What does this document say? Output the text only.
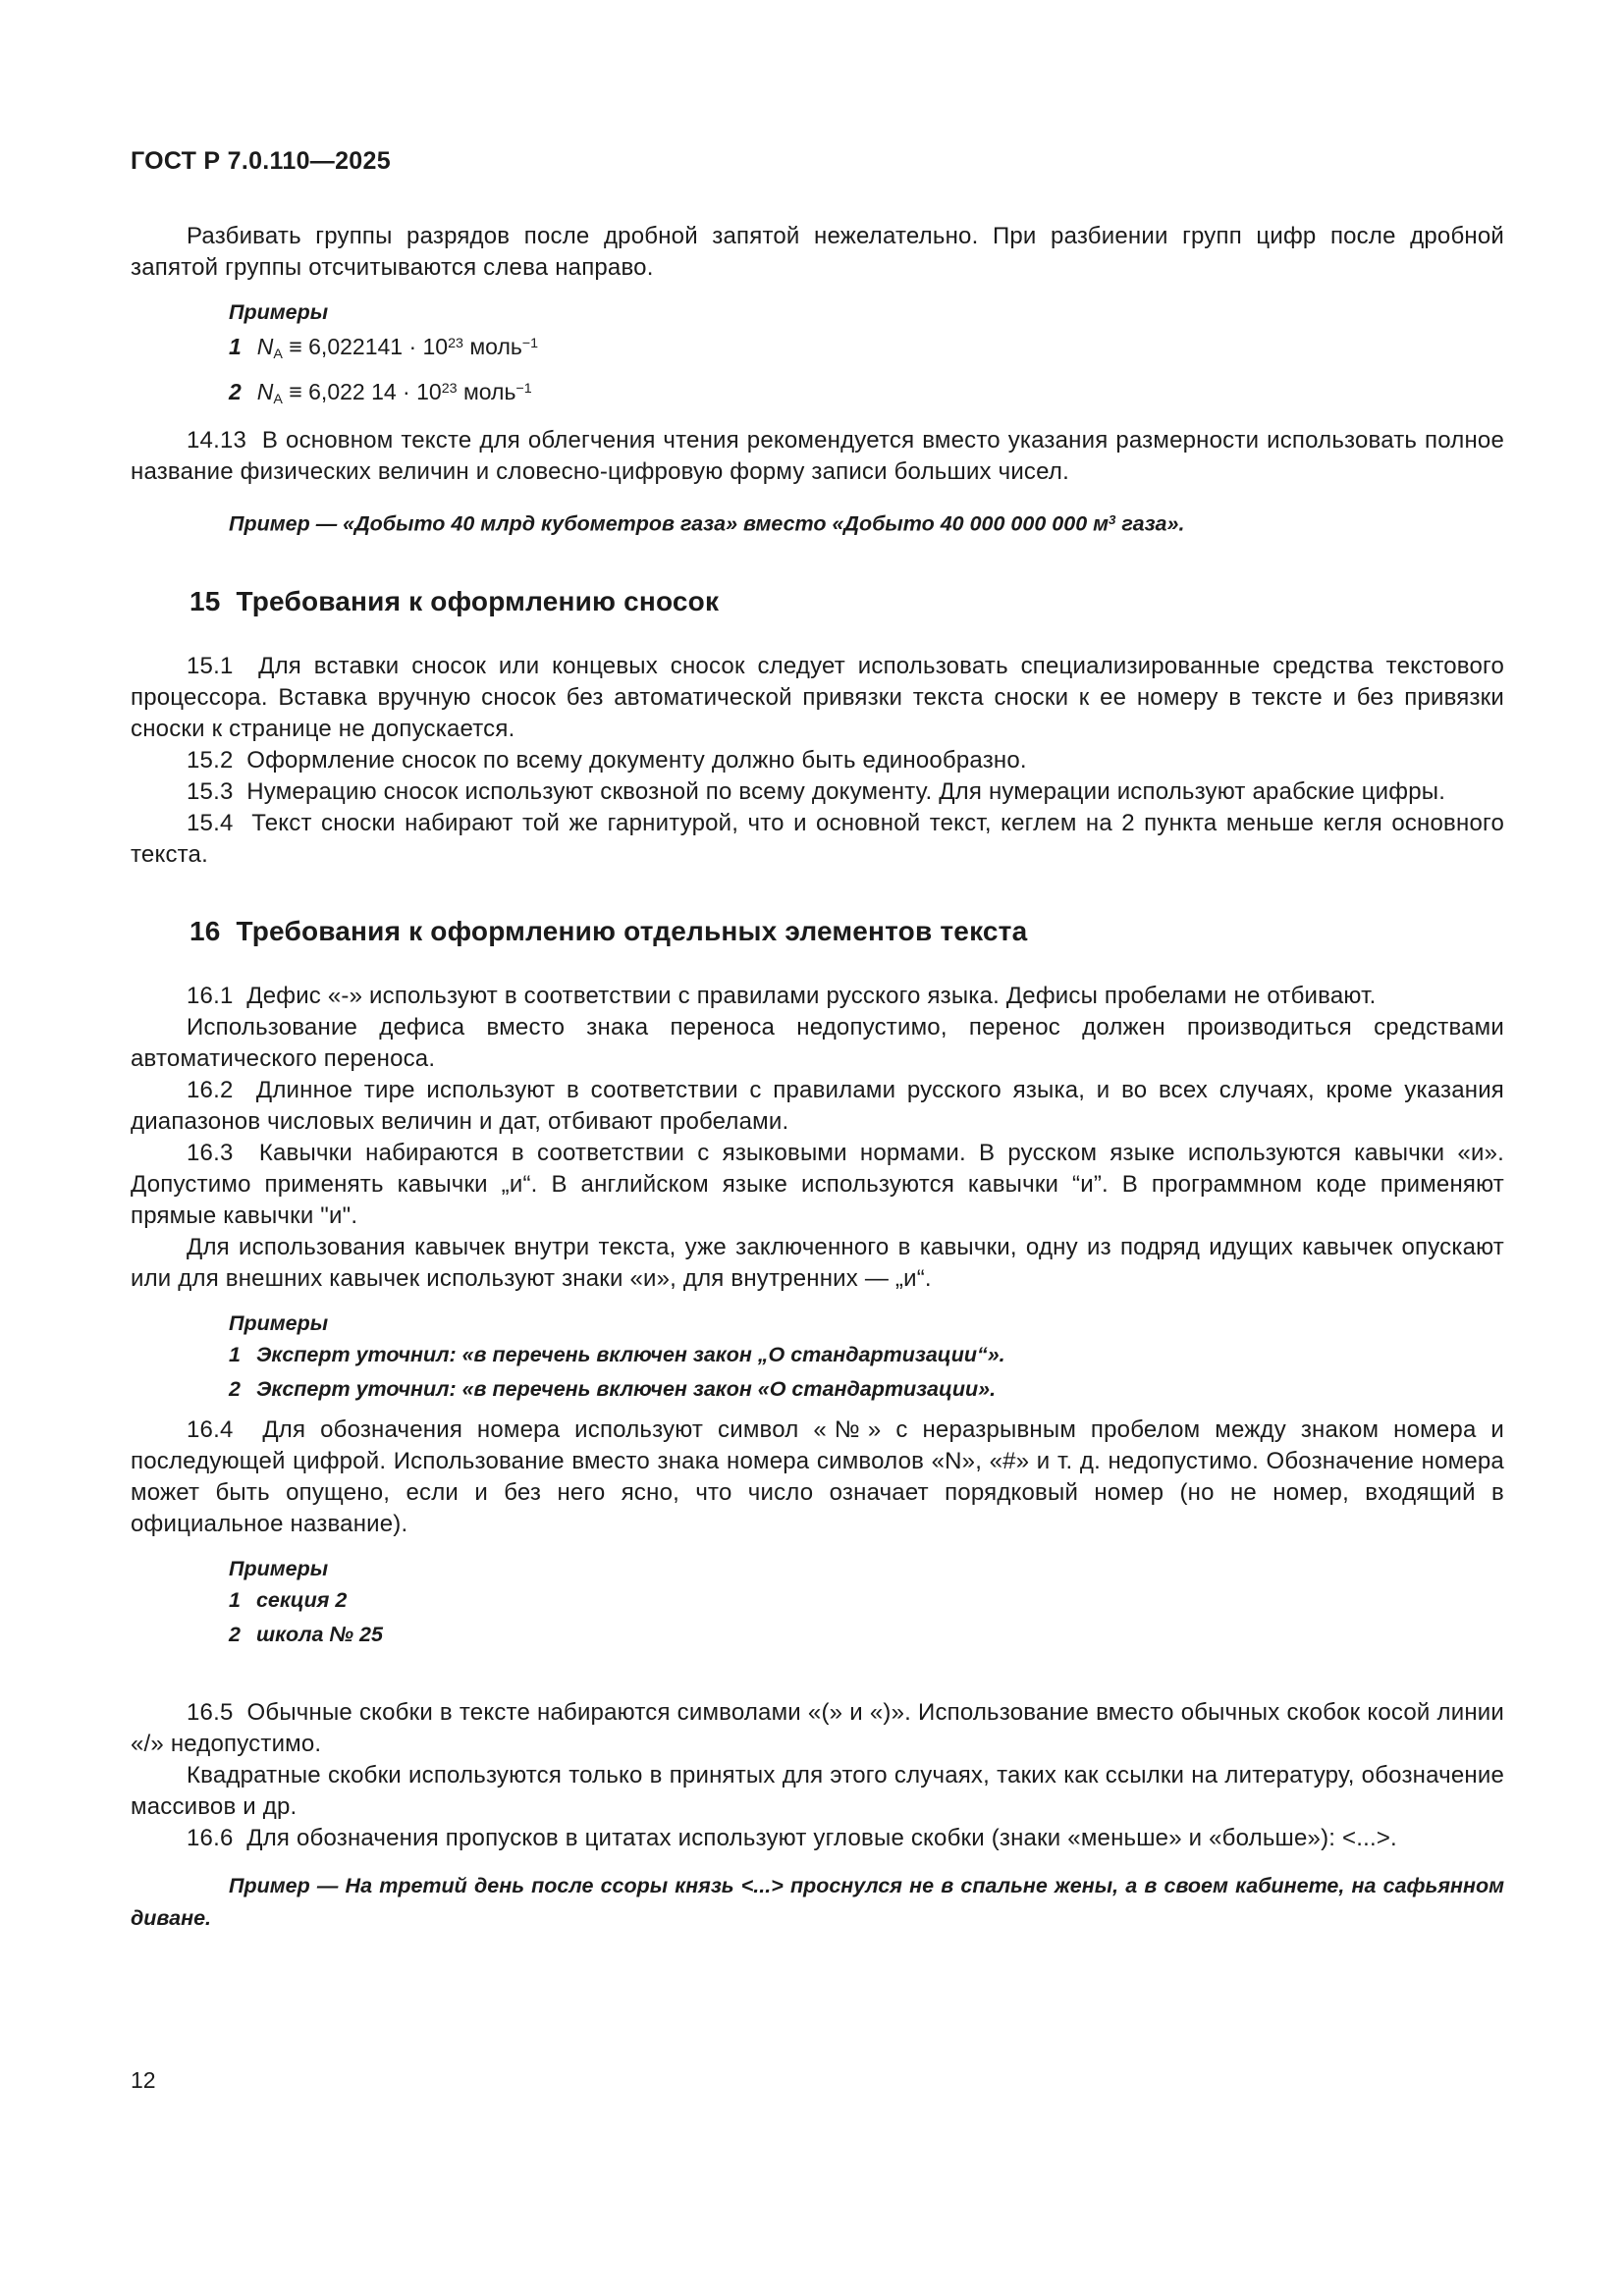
ГОСТ Р 7.0.110—2025

Разбивать группы разрядов после дробной запятой нежелательно. При разбиении групп цифр после дробной запятой группы отсчитываются слева направо.

Примеры

1 NA ≡ $6,022141 \cdot 10^{23}$ моль$^{-1}$

2 NA ≡ 6,022 $14 \cdot 10^{23}$ моль$^{-1}$

14.13  В основном тексте для облегчения чтения рекомендуется вместо указания размерности использовать полное название физических величин и словесно-цифровую форму записи больших чисел.

Пример — «Добыто 40 млрд кубометров газа» вместо «Добыто 40 000 000 000 $м^3$ газа».

15  Требования к оформлению сносок

15.1  Для вставки сносок или концевых сносок следует использовать специализированные средства текстового процессора. Вставка вручную сносок без автоматической привязки текста сноски к ее номеру в тексте и без привязки сноски к странице не допускается.

15.2  Оформление сносок по всему документу должно быть единообразно.

15.3  Нумерацию сносок используют сквозной по всему документу. Для нумерации используют арабские цифры.

15.4  Текст сноски набирают той же гарнитурой, что и основной текст, кеглем на 2 пункта меньше кегля основного текста.

16  Требования к оформлению отдельных элементов текста

16.1  Дефис «-» используют в соответствии с правилами русского языка. Дефисы пробелами не отбивают.

Использование дефиса вместо знака переноса недопустимо, перенос должен производиться средствами автоматического переноса.

16.2  Длинное тире используют в соответствии с правилами русского языка, и во всех случаях, кроме указания диапазонов числовых величин и дат, отбивают пробелами.

16.3  Кавычки набираются в соответствии с языковыми нормами. В русском языке используются кавычки «и». Допустимо применять кавычки „и“. В английском языке используются кавычки “и”. В программном коде применяют прямые кавычки "и".

Для использования кавычек внутри текста, уже заключенного в кавычки, одну из подряд идущих кавычек опускают или для внешних кавычек используют знаки «и», для внутренних — „и“.

Примеры

1 Эксперт уточнил: «в перечень включен закон „О стандартизации“».

2 Эксперт уточнил: «в перечень включен закон «О стандартизации».

16.4  Для обозначения номера используют символ «№» с неразрывным пробелом между знаком номера и последующей цифрой. Использование вместо знака номера символов «N», «#» и т. д. недопустимо. Обозначение номера может быть опущено, если и без него ясно, что число означает порядковый номер (но не номер, входящий в официальное название).

Примеры

1 секция 2

2 школа № 25

16.5  Обычные скобки в тексте набираются символами «(» и «)». Использование вместо обычных скобок косой линии «/» недопустимо.

Квадратные скобки используются только в принятых для этого случаях, таких как ссылки на литературу, обозначение массивов и др.

16.6  Для обозначения пропусков в цитатах используют угловые скобки (знаки «меньше» и «больше»): <...>.

Пример — На третий день после ссоры князь <...> проснулся не в спальне жены, а в своем кабинете, на сафьянном диване.

12
